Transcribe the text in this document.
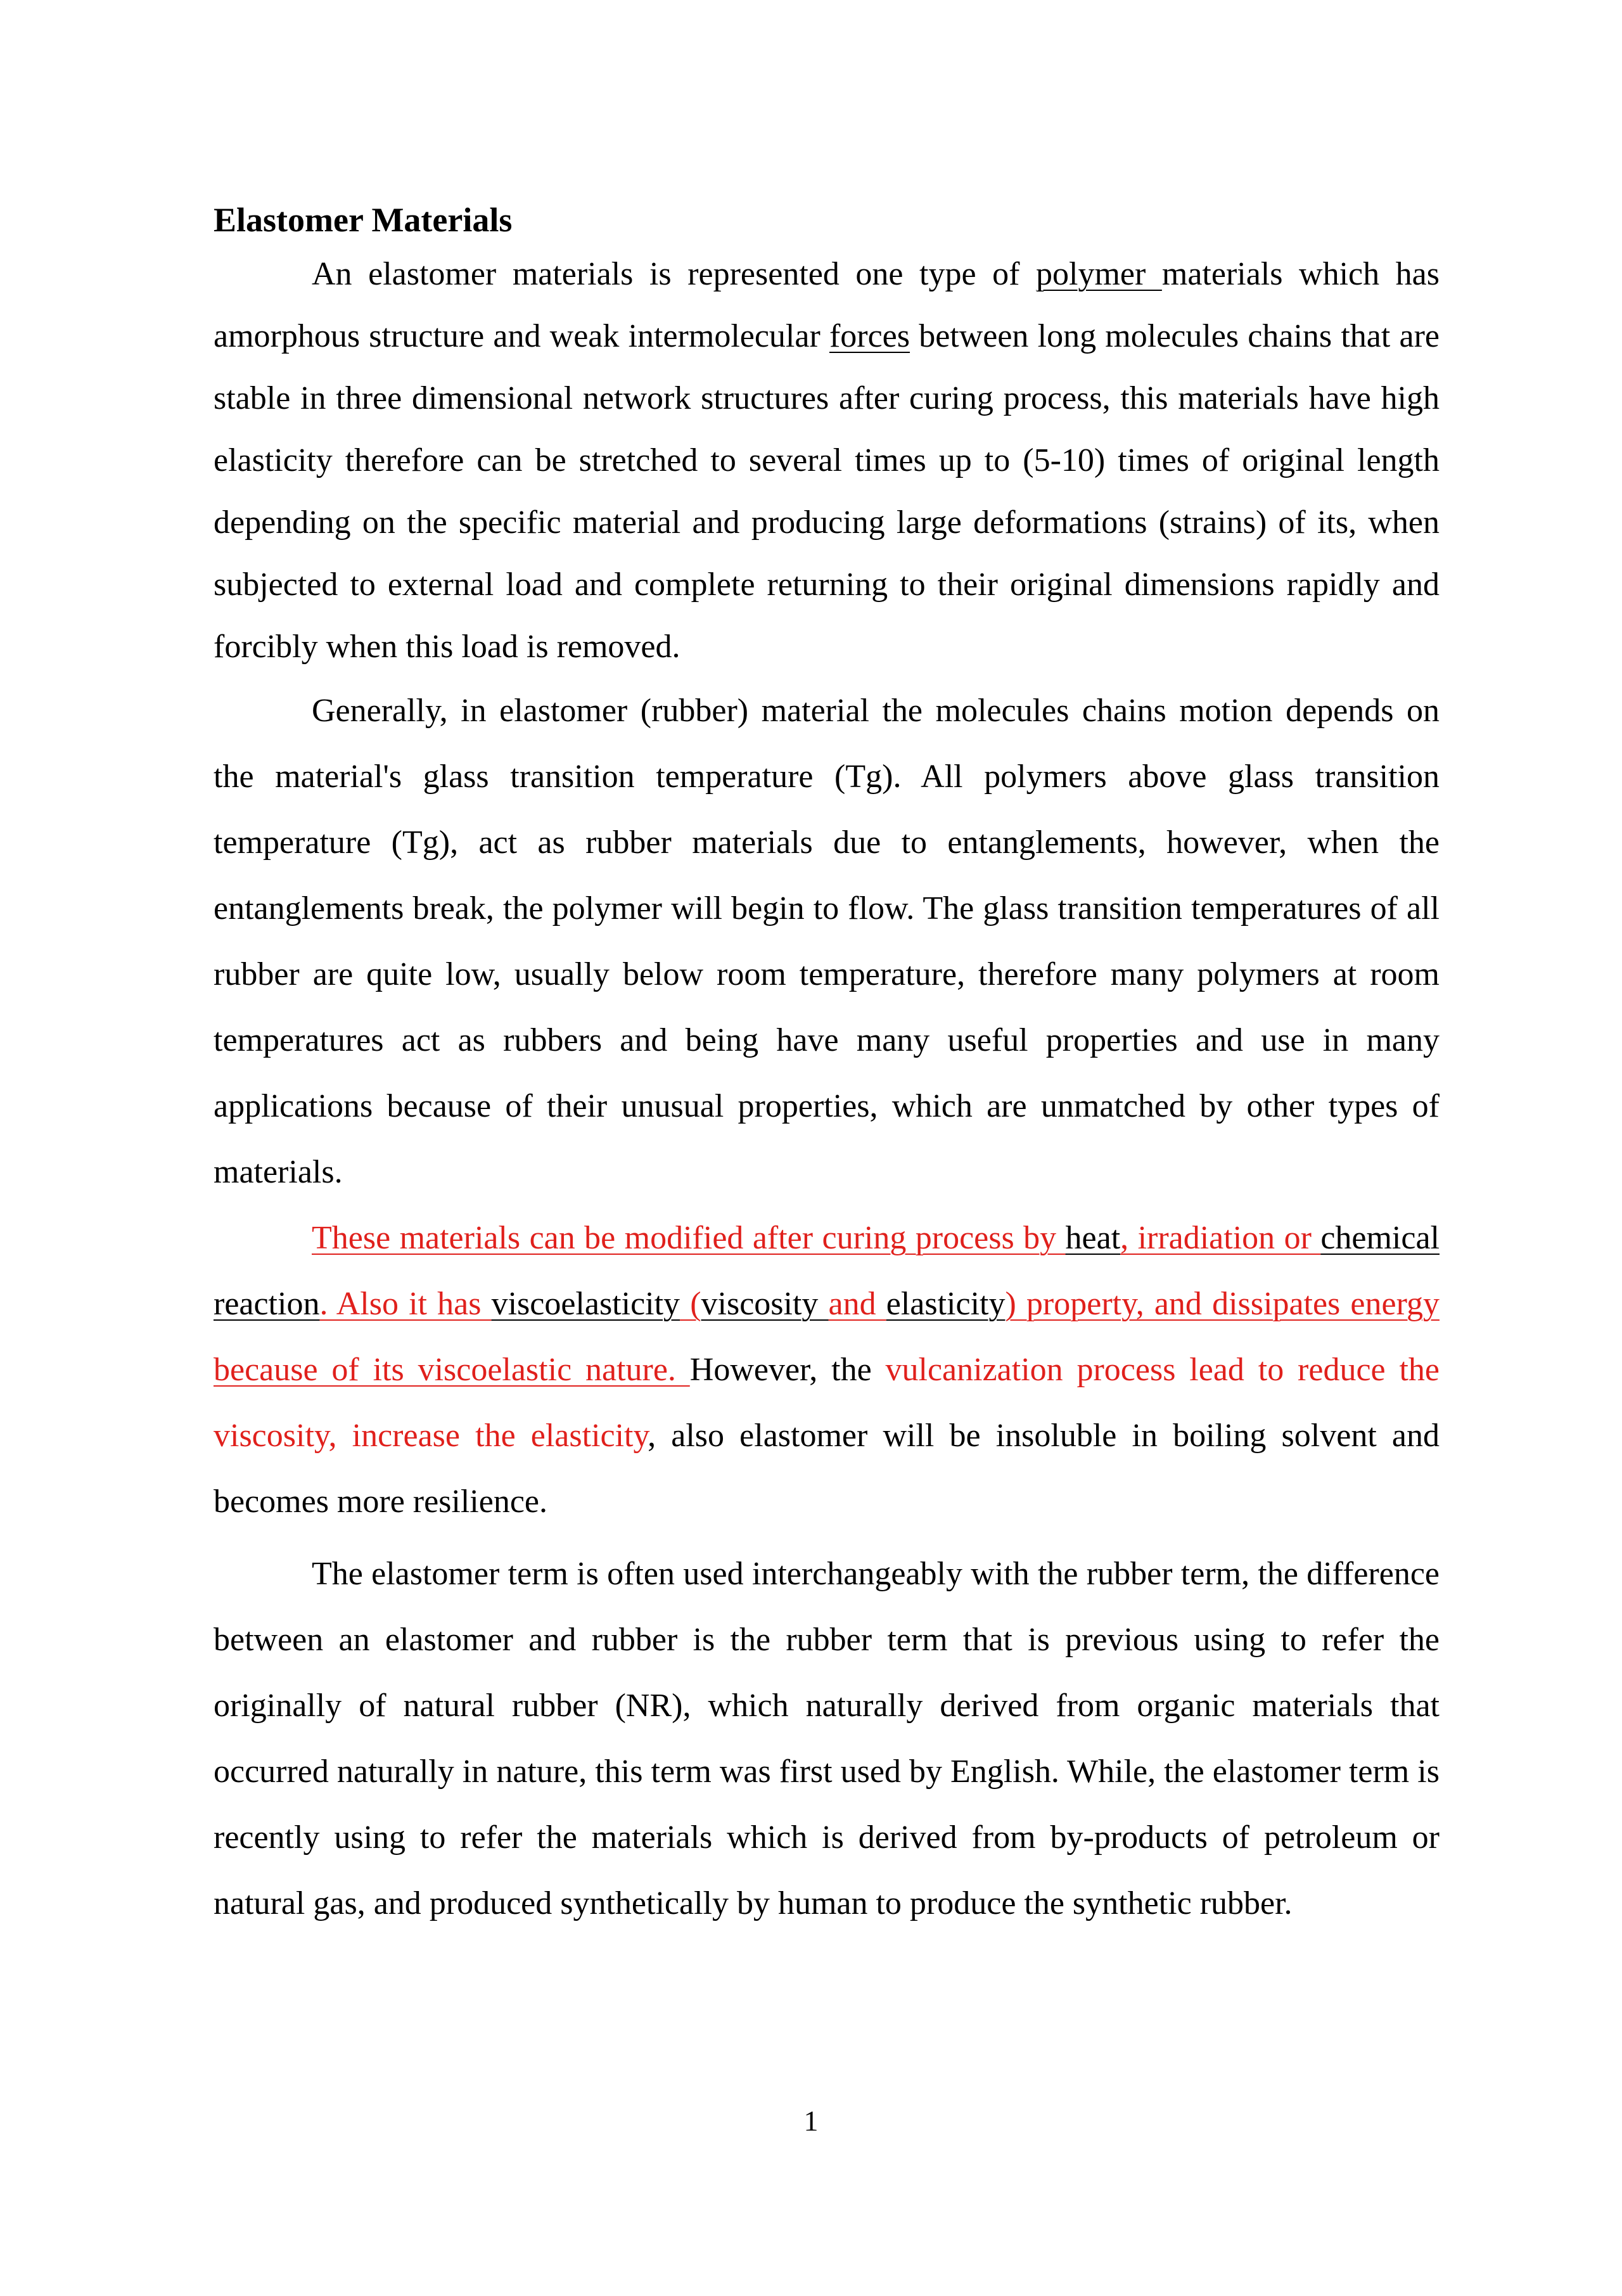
Elastomer Materials

An elastomer materials is represented one type of polymer materials which has amorphous structure and weak intermolecular forces between long molecules chains that are stable in three dimensional network structures after curing process, this materials have high elasticity therefore can be stretched to several times up to (5-10) times of original length depending on the specific material and producing large deformations (strains) of its, when subjected to external load and complete returning to their original dimensions rapidly and forcibly when this load is removed.

Generally, in elastomer (rubber) material the molecules chains motion depends on the material's glass transition temperature (Tg). All polymers above glass transition temperature (Tg), act as rubber materials due to entanglements, however, when the entanglements break, the polymer will begin to flow. The glass transition temperatures of all rubber are quite low, usually below room temperature, therefore many polymers at room temperatures act as rubbers and being have many useful properties and use in many applications because of their unusual properties, which are unmatched by other types of materials.

These materials can be modified after curing process by heat, irradiation or chemical reaction. Also it has viscoelasticity (viscosity and elasticity) property, and dissipates energy because of its viscoelastic nature. However, the vulcanization process lead to reduce the viscosity, increase the elasticity, also elastomer will be insoluble in boiling solvent and becomes more resilience.

The elastomer term is often used interchangeably with the rubber term, the difference between an elastomer and rubber is the rubber term that is previous using to refer the originally of natural rubber (NR), which naturally derived from organic materials that occurred naturally in nature, this term was first used by English. While, the elastomer term is recently using to refer the materials which is derived from by-products of petroleum or natural gas, and produced synthetically by human to produce the synthetic rubber.

1
